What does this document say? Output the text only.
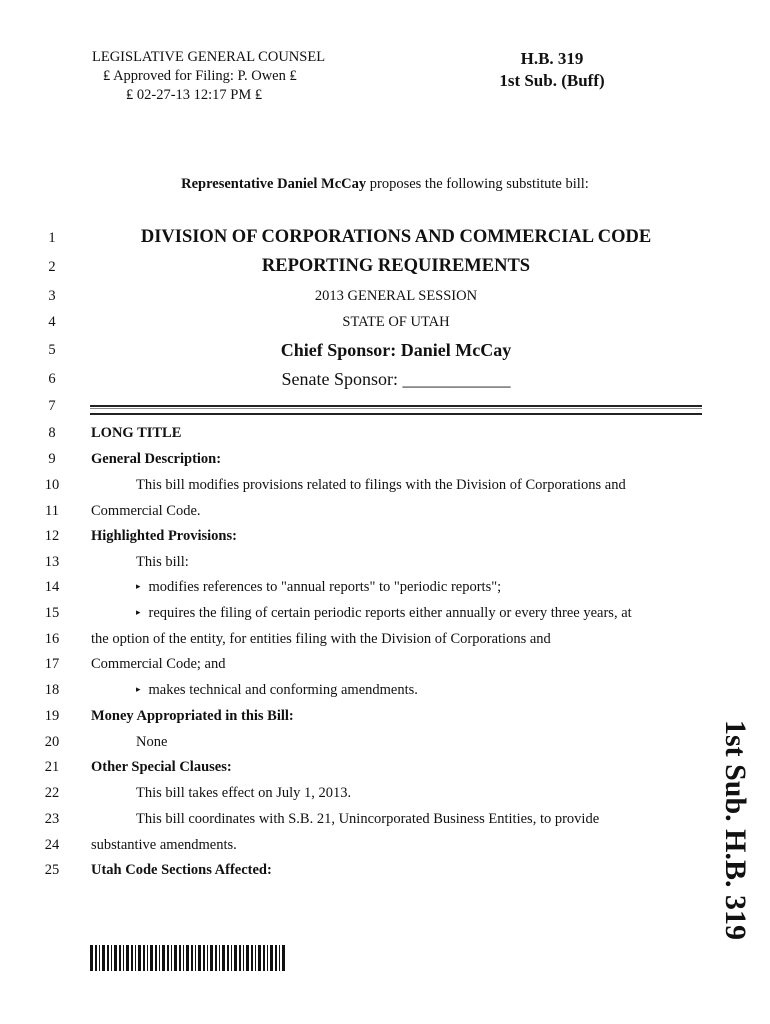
LEGISLATIVE GENERAL COUNSEL
₤ Approved for Filing: P. Owen ₤
₤ 02-27-13 12:17 PM ₤
H.B. 319
1st Sub. (Buff)
Representative Daniel McCay proposes the following substitute bill:
1
2
3
4
5
6
7
8
9
10
11
12
13
14
15
16
17
18
19
20
21
22
23
24
25
DIVISION OF CORPORATIONS AND COMMERCIAL CODE
REPORTING REQUIREMENTS
2013 GENERAL SESSION
STATE OF UTAH
Chief Sponsor: Daniel McCay
Senate Sponsor: ____________
LONG TITLE
General Description:
This bill modifies provisions related to filings with the Division of Corporations and
Commercial Code.
Highlighted Provisions:
This bill:
▸ modifies references to "annual reports" to "periodic reports";
▸ requires the filing of certain periodic reports either annually or every three years, at
the option of the entity, for entities filing with the Division of Corporations and
Commercial Code; and
▸ makes technical and conforming amendments.
Money Appropriated in this Bill:
None
Other Special Clauses:
This bill takes effect on July 1, 2013.
This bill coordinates with S.B. 21, Unincorporated Business Entities, to provide
substantive amendments.
Utah Code Sections Affected:	1st Sub. H.B. 319
